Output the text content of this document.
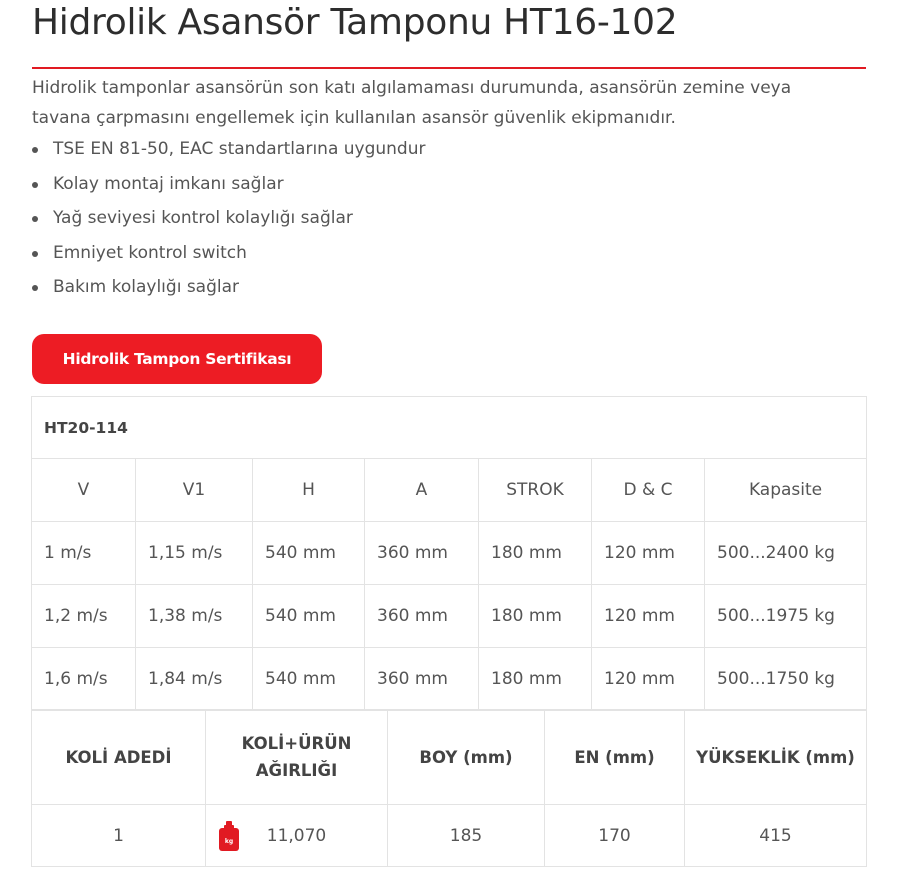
Hidrolik Asansör Tamponu HT16-102

Hidrolik tamponlar asansörün son katı algılamaması durumunda, asansörün zemine veya tavana çarpmasını engellemek için kullanılan asansör güvenlik ekipmanıdır.

TSE EN 81-50, EAC standartlarına uygundur
Kolay montaj imkanı sağlar
Yağ seviyesi kontrol kolaylığı sağlar
Emniyet kontrol switch
Bakım kolaylığı sağlar
Hidrolik Tampon Sertifikası
HT20-114						
V	V1	H	A	STROK	D & C	Kapasite
1 m/s	1,15 m/s	540 mm	360 mm	180 mm	120 mm	500...2400 kg
1,2 m/s	1,38 m/s	540 mm	360 mm	180 mm	120 mm	500...1975 kg
1,6 m/s	1,84 m/s	540 mm	360 mm	180 mm	120 mm	500...1750 kg
KOLİ ADEDİ	KOLİ+ÜRÜN AĞIRLIĞI	BOY (mm)	EN (mm)	YÜKSEKLİK (mm)
1	kg 11,070	185	170	415
